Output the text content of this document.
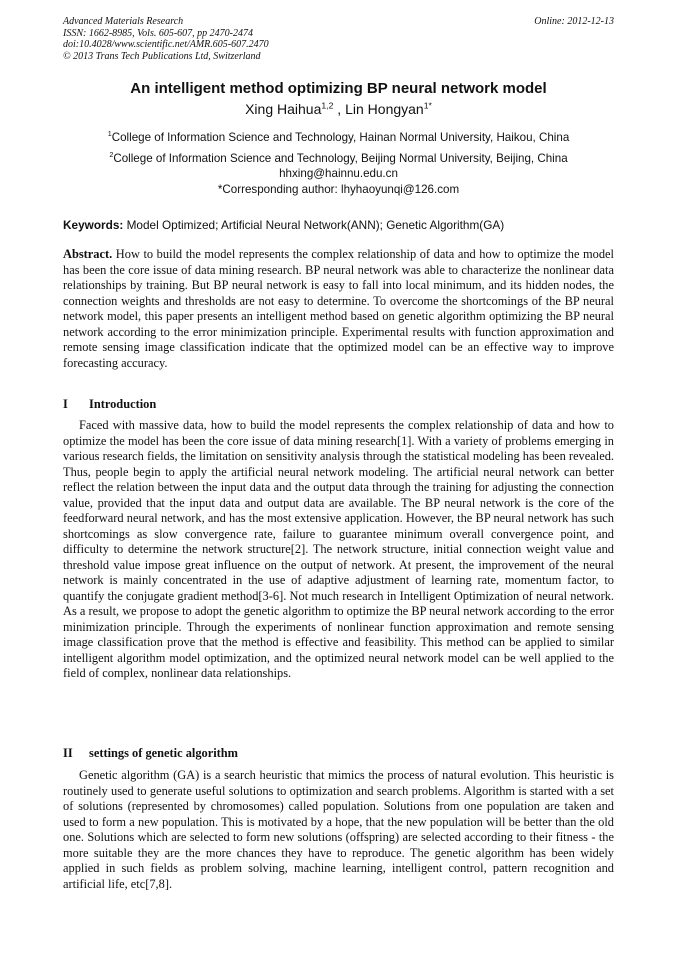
Advanced Materials Research
ISSN: 1662-8985, Vols. 605-607, pp 2470-2474
doi:10.4028/www.scientific.net/AMR.605-607.2470
© 2013 Trans Tech Publications Ltd, Switzerland
Online: 2012-12-13
An intelligent method optimizing BP neural network model
Xing Haihua$^{1,2}$ , Lin Hongyan$^{1*}$
$^1$College of Information Science and Technology, Hainan Normal University, Haikou, China
$^2$College of Information Science and Technology, Beijing Normal University, Beijing, China
hhxing@hainnu.edu.cn
*Corresponding author: lhyhaoyunqi@126.com
Keywords: Model Optimized; Artificial Neural Network(ANN); Genetic Algorithm(GA)
Abstract. How to build the model represents the complex relationship of data and how to optimize the model has been the core issue of data mining research. BP neural network was able to characterize the nonlinear data relationships by training. But BP neural network is easy to fall into local minimum, and its hidden nodes, the connection weights and thresholds are not easy to determine. To overcome the shortcomings of the BP neural network model, this paper presents an intelligent method based on genetic algorithm optimizing the BP neural network according to the error minimization principle. Experimental results with function approximation and remote sensing image classification indicate that the optimized model can be an effective way to improve forecasting accuracy.
I Introduction
Faced with massive data, how to build the model represents the complex relationship of data and how to optimize the model has been the core issue of data mining research[1]. With a variety of problems emerging in various research fields, the limitation on sensitivity analysis through the statistical modeling has been revealed. Thus, people begin to apply the artificial neural network modeling. The artificial neural network can better reflect the relation between the input data and the output data through the training for adjusting the connection value, provided that the input data and output data are available. The BP neural network is the core of the feedforward neural network, and has the most extensive application. However, the BP neural network has such shortcomings as slow convergence rate, failure to guarantee minimum overall convergence point, and difficulty to determine the network structure[2]. The network structure, initial connection weight value and threshold value impose great influence on the output of network. At present, the improvement of the neural network is mainly concentrated in the use of adaptive adjustment of learning rate, momentum factor, to quantify the conjugate gradient method[3-6]. Not much research in Intelligent Optimization of neural network. As a result, we propose to adopt the genetic algorithm to optimize the BP neural network according to the error minimization principle. Through the experiments of nonlinear function approximation and remote sensing image classification prove that the method is effective and feasibility. This method can be applied to similar intelligent algorithm model optimization, and the optimized neural network model can be well applied to the field of complex, nonlinear data relationships.
II settings of genetic algorithm
Genetic algorithm (GA) is a search heuristic that mimics the process of natural evolution. This heuristic is routinely used to generate useful solutions to optimization and search problems. Algorithm is started with a set of solutions (represented by chromosomes) called population. Solutions from one population are taken and used to form a new population. This is motivated by a hope, that the new population will be better than the old one. Solutions which are selected to form new solutions (offspring) are selected according to their fitness - the more suitable they are the more chances they have to reproduce. The genetic algorithm has been widely applied in such fields as problem solving, machine learning, intelligent control, pattern recognition and artificial life, etc[7,8].
